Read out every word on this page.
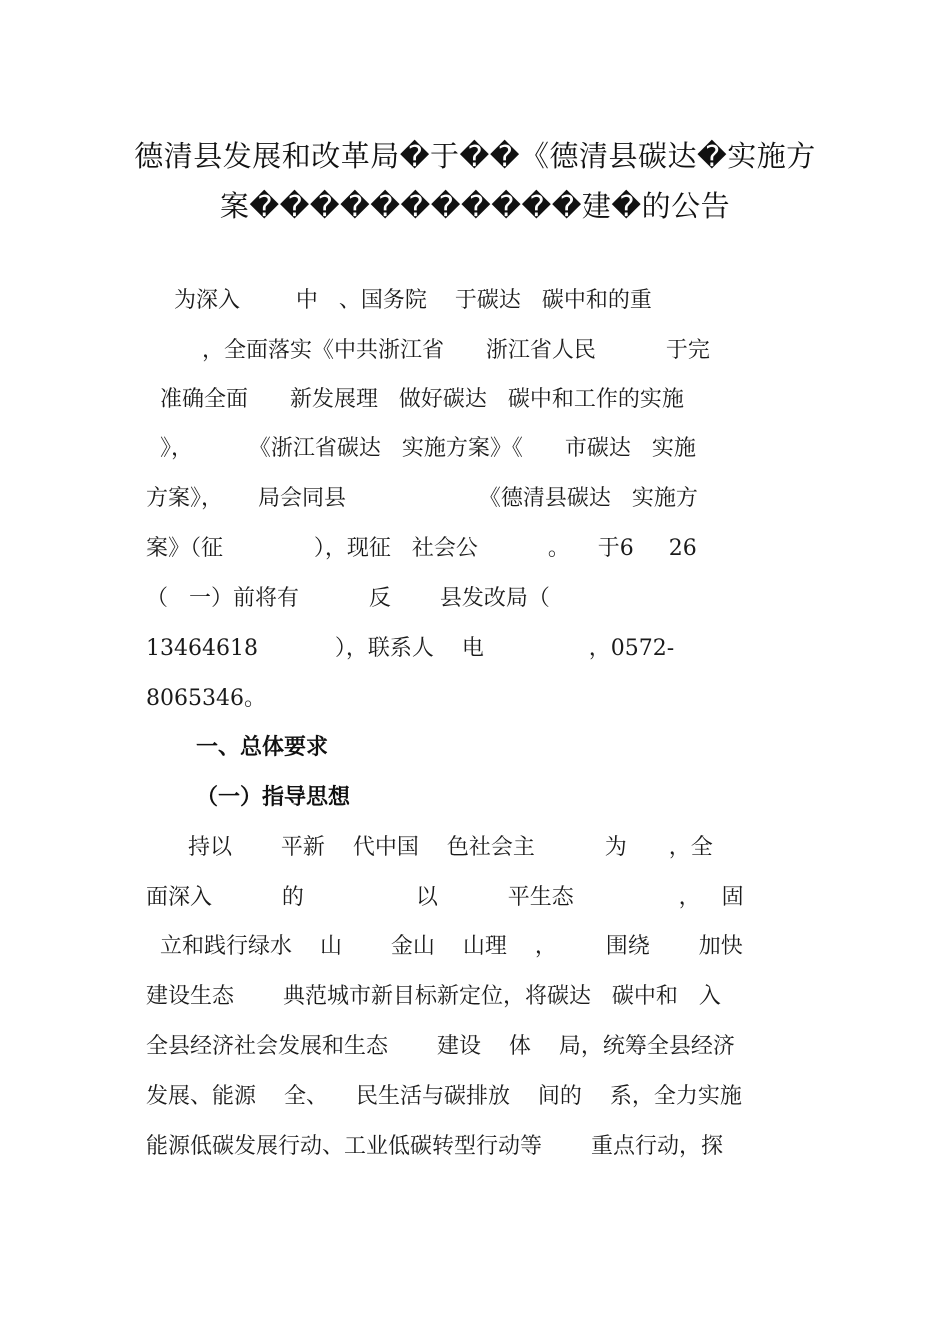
德清县发展和改革局�于��《德清县碳达�实施方
案�����������建�的公告
为深入        中   、国务院    于碳达   碳中和的重
，全面落实《中共浙江省      浙江省人民          于完
准确全面      新发展理   做好碳达   碳中和工作的实施
》，        《浙江省碳达   实施方案》《      市碳达   实施
方案》，     局会同县                   《德清县碳达   实施方
案》（征             ），现征   社会公          。    于6     26
（   一）前将有          反       县发改局（
13464618           ），联系人    电               ，0572-
8065346。
一、总体要求
（一）指导思想
持以       平新    代中国    色社会主          为      ，全
面深入          的                以          平生态               ，   固
立和践行绿水    山       金山    山理    ，       围绕       加快
建设生态       典范城市新目标新定位，将碳达   碳中和   入
全县经济社会发展和生态       建设    体    局，统筹全县经济
发展、能源    全、    民生活与碳排放    间的    系，全力实施
能源低碳发展行动、工业低碳转型行动等       重点行动，探
